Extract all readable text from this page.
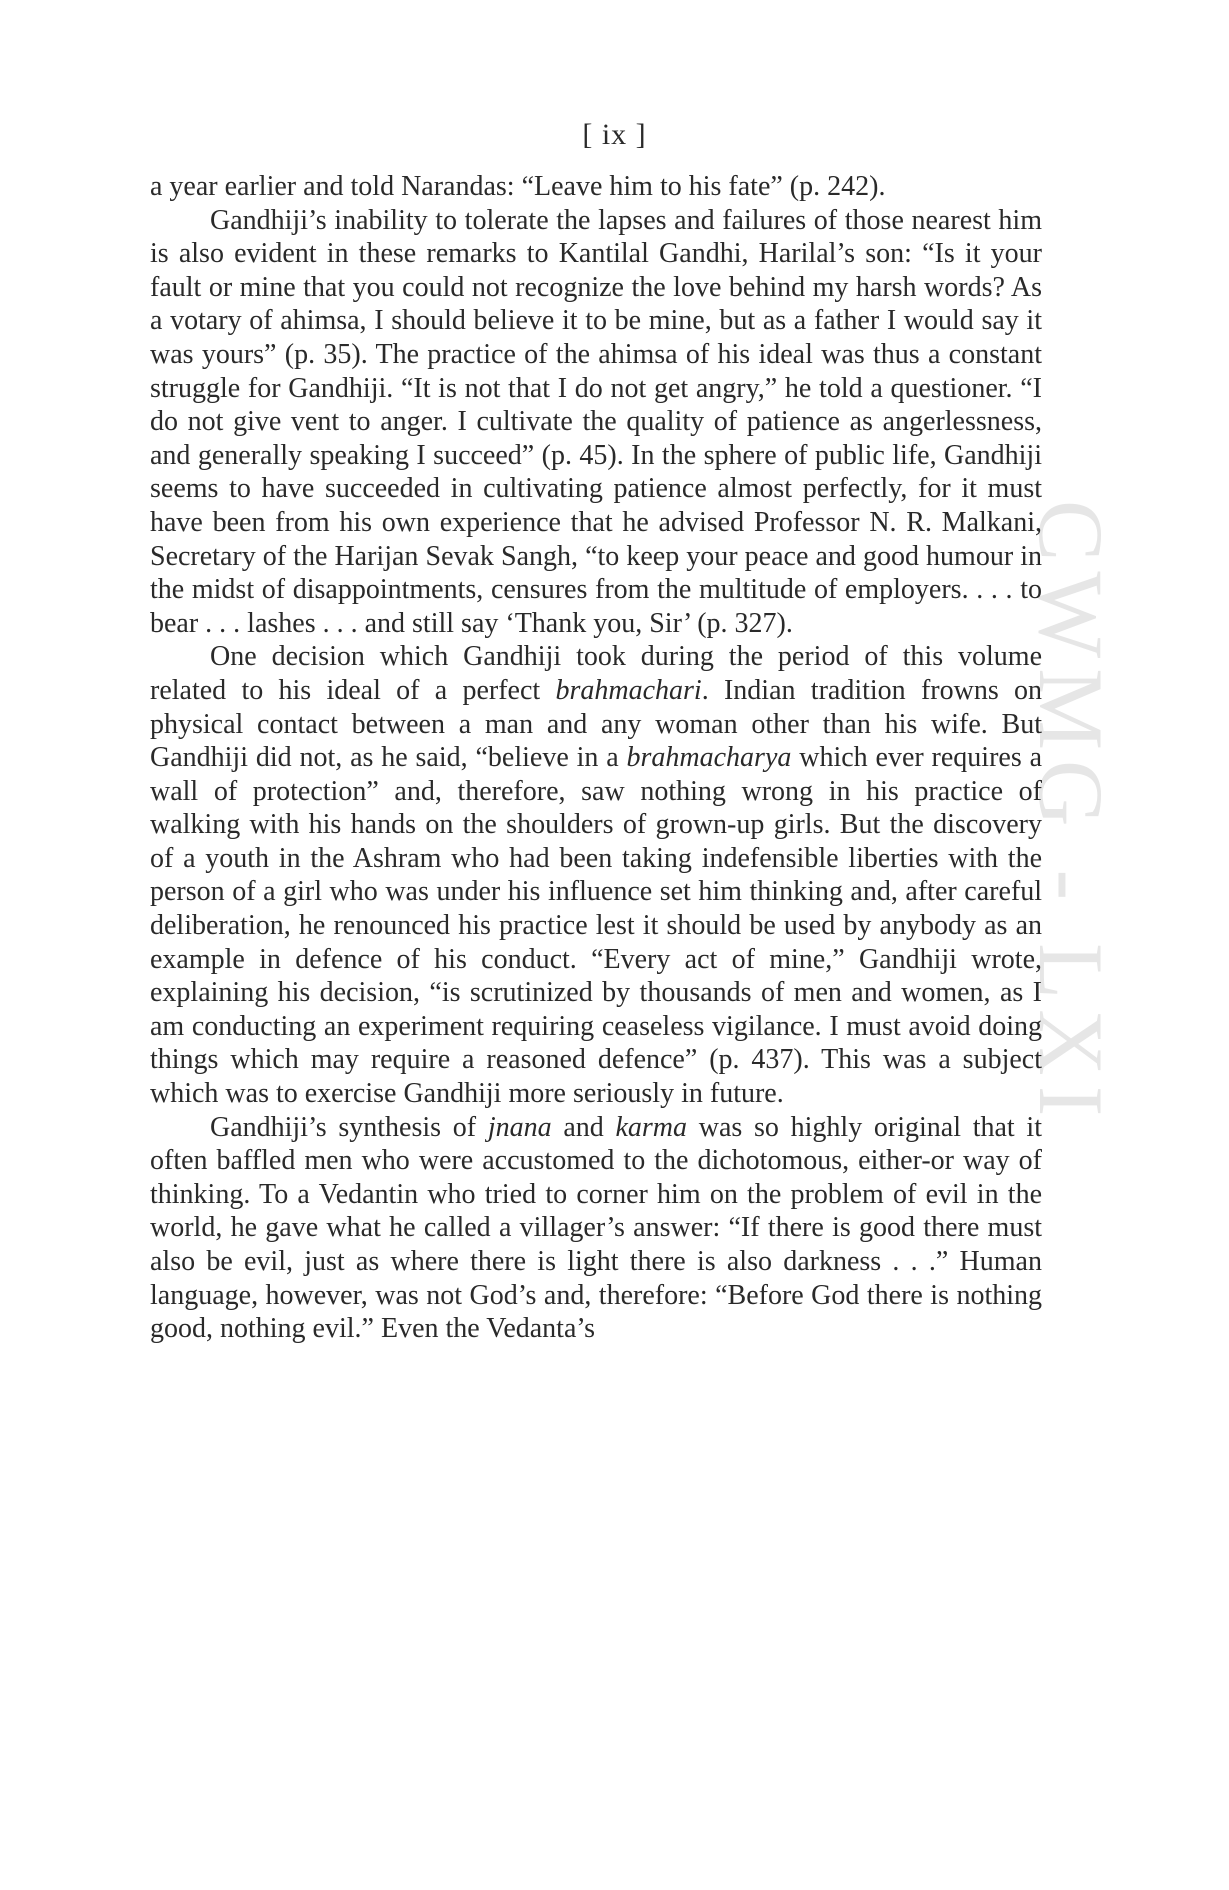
CWMG - LXI
[ ix ]

a year earlier and told Narandas: “Leave him to his fate” (p. 242).

Gandhiji’s inability to tolerate the lapses and failures of those nearest him is also evident in these remarks to Kantilal Gandhi, Harilal’s son: “Is it your fault or mine that you could not recognize the love behind my harsh words? As a votary of ahimsa, I should believe it to be mine, but as a father I would say it was yours” (p. 35). The practice of the ahimsa of his ideal was thus a constant struggle for Gandhiji. “It is not that I do not get angry,” he told a questioner. “I do not give vent to anger. I cultivate the quality of patience as angerlessness, and generally speaking I succeed” (p. 45). In the sphere of public life, Gandhiji seems to have succeeded in cultivating patience almost perfectly, for it must have been from his own experience that he advised Professor N. R. Malkani, Secretary of the Harijan Sevak Sangh, “to keep your peace and good humour in the midst of disappointments, censures from the multitude of employers. . . . to bear . . . lashes . . . and still say ‘Thank you, Sir’ (p. 327).

One decision which Gandhiji took during the period of this volume related to his ideal of a perfect brahmachari. Indian tradition frowns on physical contact between a man and any woman other than his wife. But Gandhiji did not, as he said, “believe in a brahmacharya which ever requires a wall of protection” and, therefore, saw nothing wrong in his practice of walking with his hands on the shoulders of grown-up girls. But the discovery of a youth in the Ashram who had been taking indefensible liberties with the person of a girl who was under his influence set him thinking and, after careful deliberation, he renounced his practice lest it should be used by anybody as an example in defence of his conduct. “Every act of mine,” Gandhiji wrote, explaining his decision, “is scrutinized by thousands of men and women, as I am conducting an experiment requiring ceaseless vigilance. I must avoid doing things which may require a reasoned defence” (p. 437). This was a subject which was to exercise Gandhiji more seriously in future.

Gandhiji’s synthesis of jnana and karma was so highly original that it often baffled men who were accustomed to the dichotomous, either-or way of thinking. To a Vedantin who tried to corner him on the problem of evil in the world, he gave what he called a villager’s answer: “If there is good there must also be evil, just as where there is light there is also darkness . . .” Human language, however, was not God’s and, therefore: “Before God there is nothing good, nothing evil.” Even the Vedanta’s
